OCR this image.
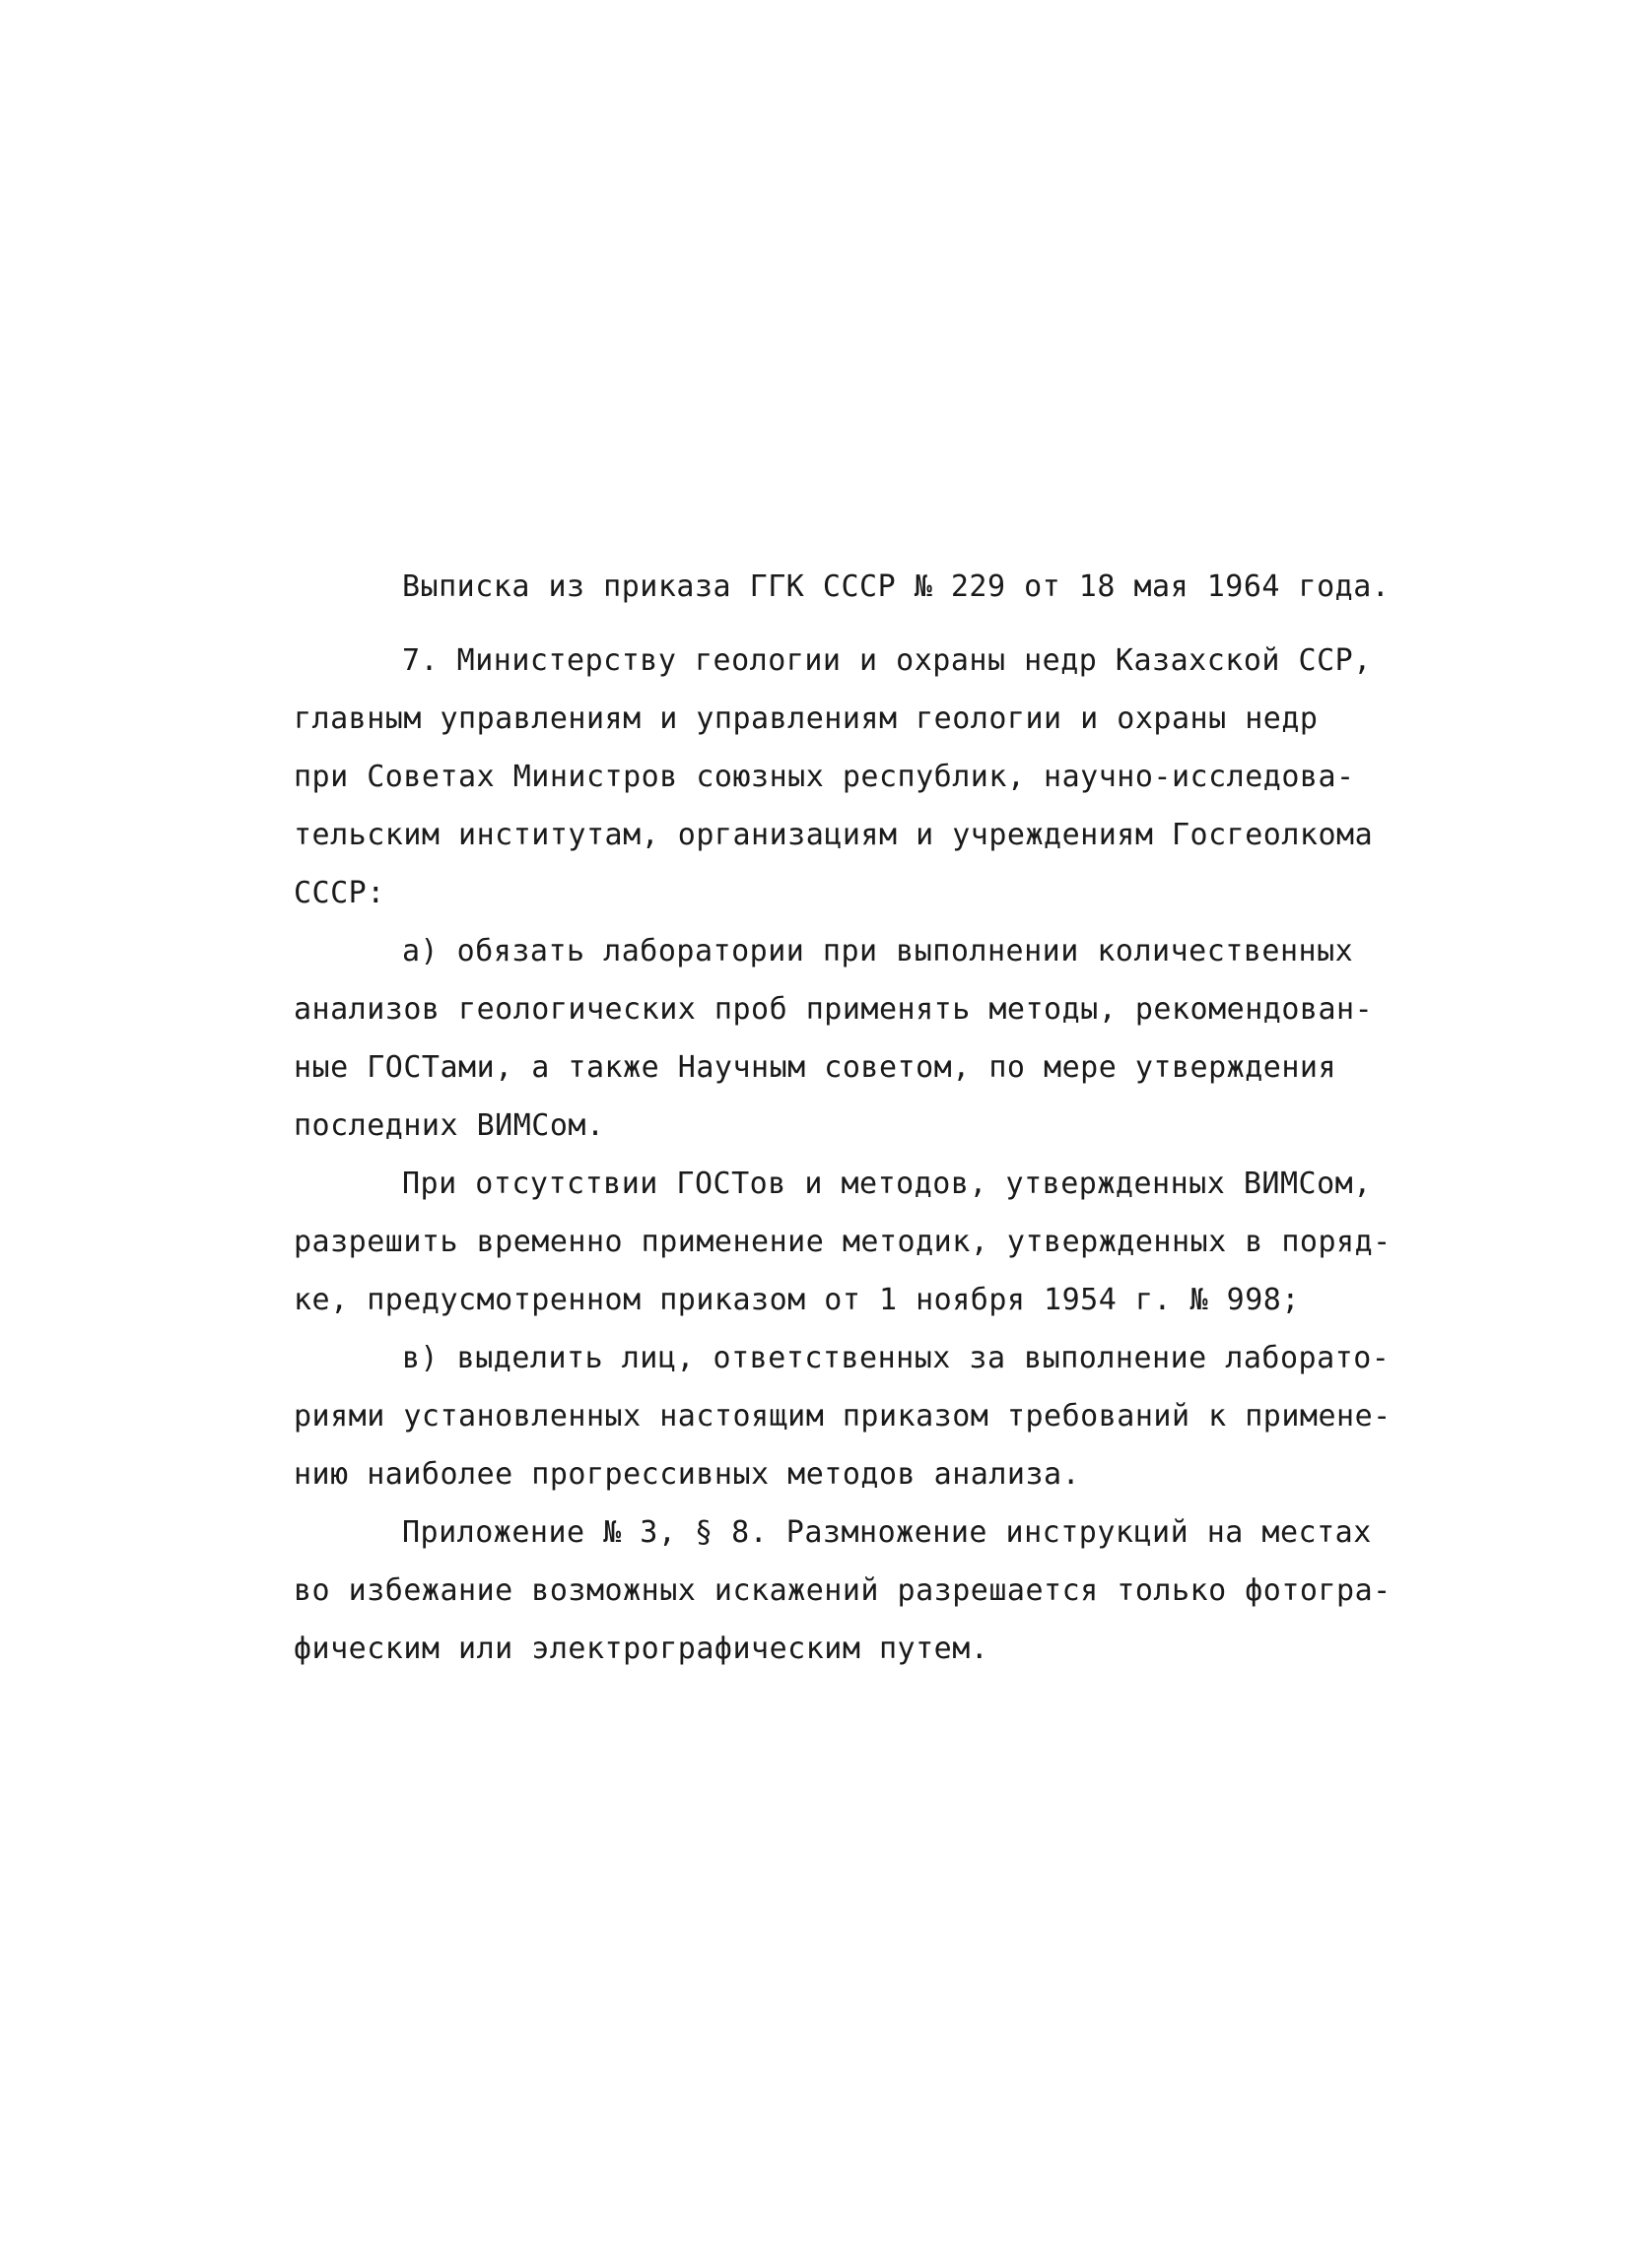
Выписка из приказа ГГК СССР № 229 от 18 мая 1964 года.
7. Министерству геологии и охраны недр Казахской ССР,
главным управлениям и управлениям геологии и охраны недр
при Советах Министров союзных республик, научно-исследова-
тельским институтам, организациям и учреждениям Госгеолкома
СССР:
а) обязать лаборатории при выполнении количественных
анализов геологических проб применять методы, рекомендован-
ные ГОСТами, а также Научным советом, по мере утверждения
последних ВИМСом.
При отсутствии ГОСТов и методов, утвержденных ВИМСом,
разрешить временно применение методик, утвержденных в поряд-
ке, предусмотренном приказом от 1 ноября 1954 г. № 998;
в) выделить лиц, ответственных за выполнение лаборато-
риями установленных настоящим приказом требований к примене-
нию наиболее прогрессивных методов анализа.
Приложение № 3, § 8. Размножение инструкций на местах
во избежание возможных искажений разрешается только фотогра-
фическим или электрографическим путем.
